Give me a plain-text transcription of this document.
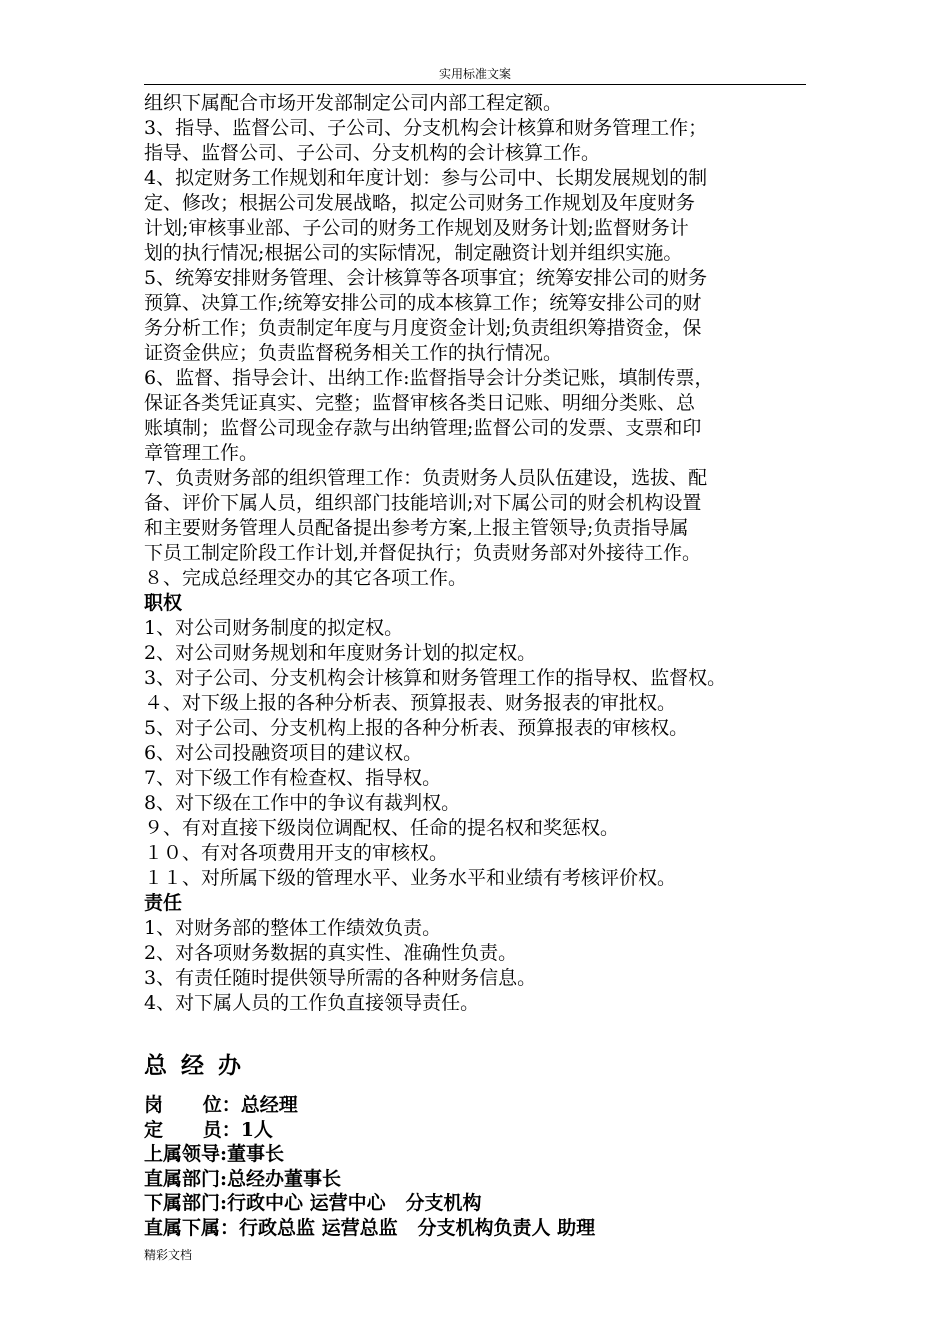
实用标准文案

组织下属配合市场开发部制定公司内部工程定额。

3、指导、监督公司、子公司、分支机构会计核算和财务管理工作；

指导、监督公司、子公司、分支机构的会计核算工作。

4、拟定财务工作规划和年度计划：参与公司中、长期发展规划的制

定、修改；根据公司发展战略，拟定公司财务工作规划及年度财务

计划;审核事业部、子公司的财务工作规划及财务计划;监督财务计

划的执行情况;根据公司的实际情况，制定融资计划并组织实施。

5、统筹安排财务管理、会计核算等各项事宜；统筹安排公司的财务

预算、决算工作;统筹安排公司的成本核算工作；统筹安排公司的财

务分析工作；负责制定年度与月度资金计划;负责组织筹措资金，保

证资金供应；负责监督税务相关工作的执行情况。

6、监督、指导会计、出纳工作:监督指导会计分类记账，填制传票，

保证各类凭证真实、完整；监督审核各类日记账、明细分类账、总

账填制；监督公司现金存款与出纳管理;监督公司的发票、支票和印

章管理工作。

7、负责财务部的组织管理工作：负责财务人员队伍建设，选拔、配

备、评价下属人员，组织部门技能培训;对下属公司的财会机构设置

和主要财务管理人员配备提出参考方案,上报主管领导;负责指导属

下员工制定阶段工作计划,并督促执行；负责财务部对外接待工作。

８、完成总经理交办的其它各项工作。

职权

1、对公司财务制度的拟定权。

2、对公司财务规划和年度财务计划的拟定权。

3、对子公司、分支机构会计核算和财务管理工作的指导权、监督权。

４、对下级上报的各种分析表、预算报表、财务报表的审批权。

5、对子公司、分支机构上报的各种分析表、预算报表的审核权。

6、对公司投融资项目的建议权。

7、对下级工作有检查权、指导权。

8、对下级在工作中的争议有裁判权。

９、有对直接下级岗位调配权、任命的提名权和奖惩权。

１０、有对各项费用开支的审核权。

１１、对所属下级的管理水平、业务水平和业绩有考核评价权。

责任

1、对财务部的整体工作绩效负责。

2、对各项财务数据的真实性、准确性负责。

3、有责任随时提供领导所需的各种财务信息。

4、对下属人员的工作负直接领导责任。

总经办

岗      位：总经理

定      员：1人

上属领导:董事长

直属部门:总经办董事长

下属部门:行政中心 运营中心   分支机构

直属下属：行政总监 运营总监   分支机构负责人 助理

精彩文档
